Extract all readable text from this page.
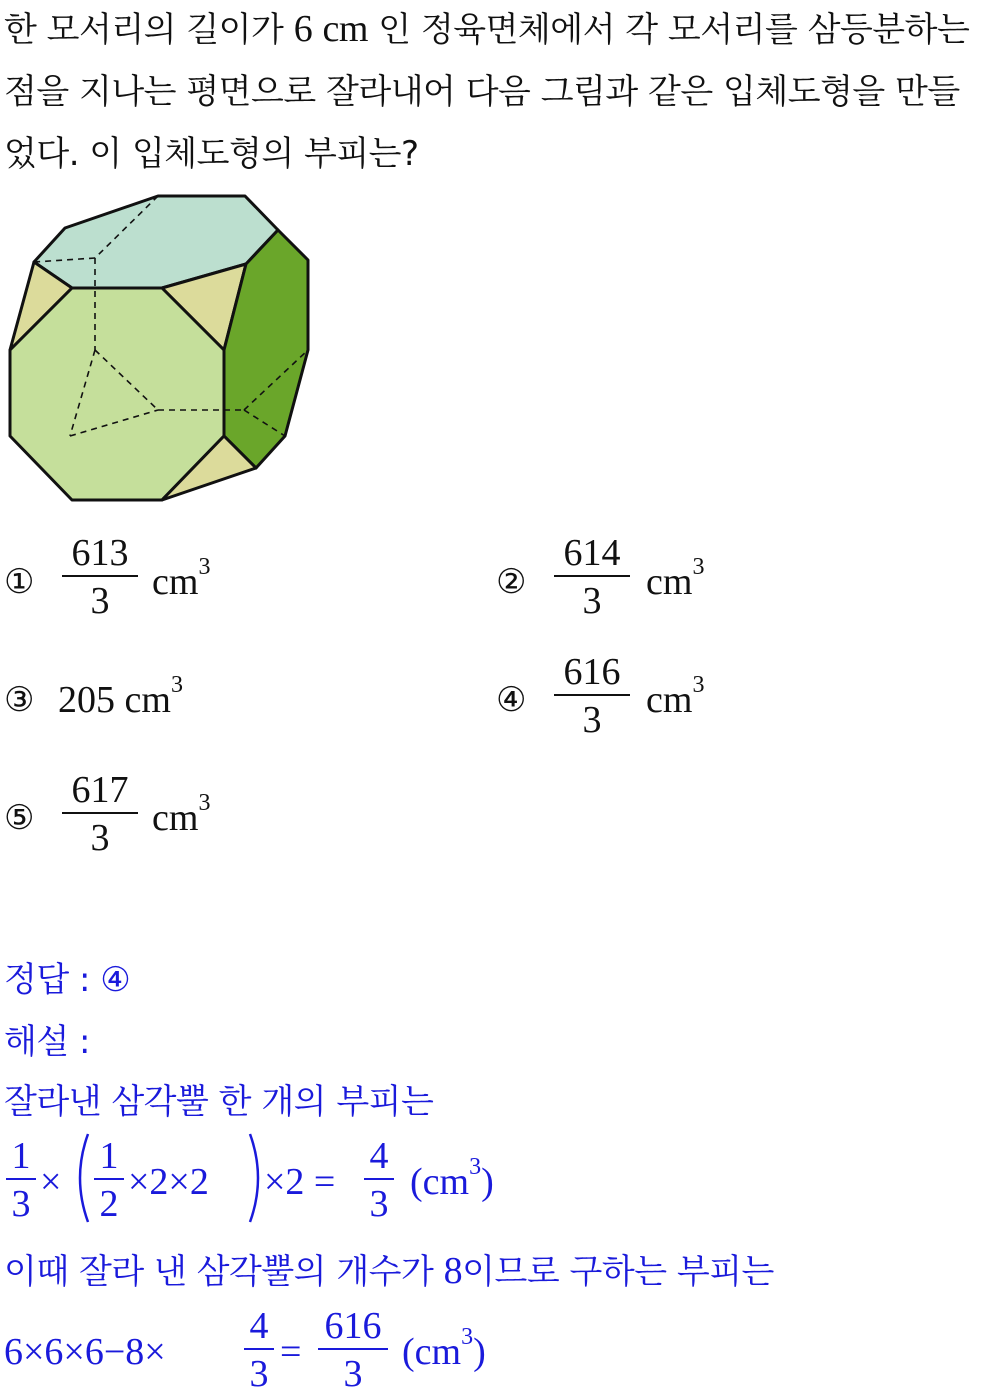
한 모서리의 길이가 6 cm 인 정육면체에서 각 모서리를 삼등분하는
점을 지나는 평면으로 잘라내어 다음 그림과 같은 입체도형을 만들
었다. 이 입체도형의 부피는?
①
613
3	$cm^3$	②
614
3	$cm^3$
③ 205 $cm^3$	④
616
3	$cm^3$
⑤
617
3	$cm^3$
정답 : ④
해설 :
잘라낸 삼각뿔 한 개의 부피는
1
3
×
1
2
×2×2 ×2 =
4
3
$(cm^3)$
이때 잘라 낸 삼각뿔의 개수가 8이므로 구하는 부피는
6×6×6−8×
4
3
=
616
3
$(cm^3)$
